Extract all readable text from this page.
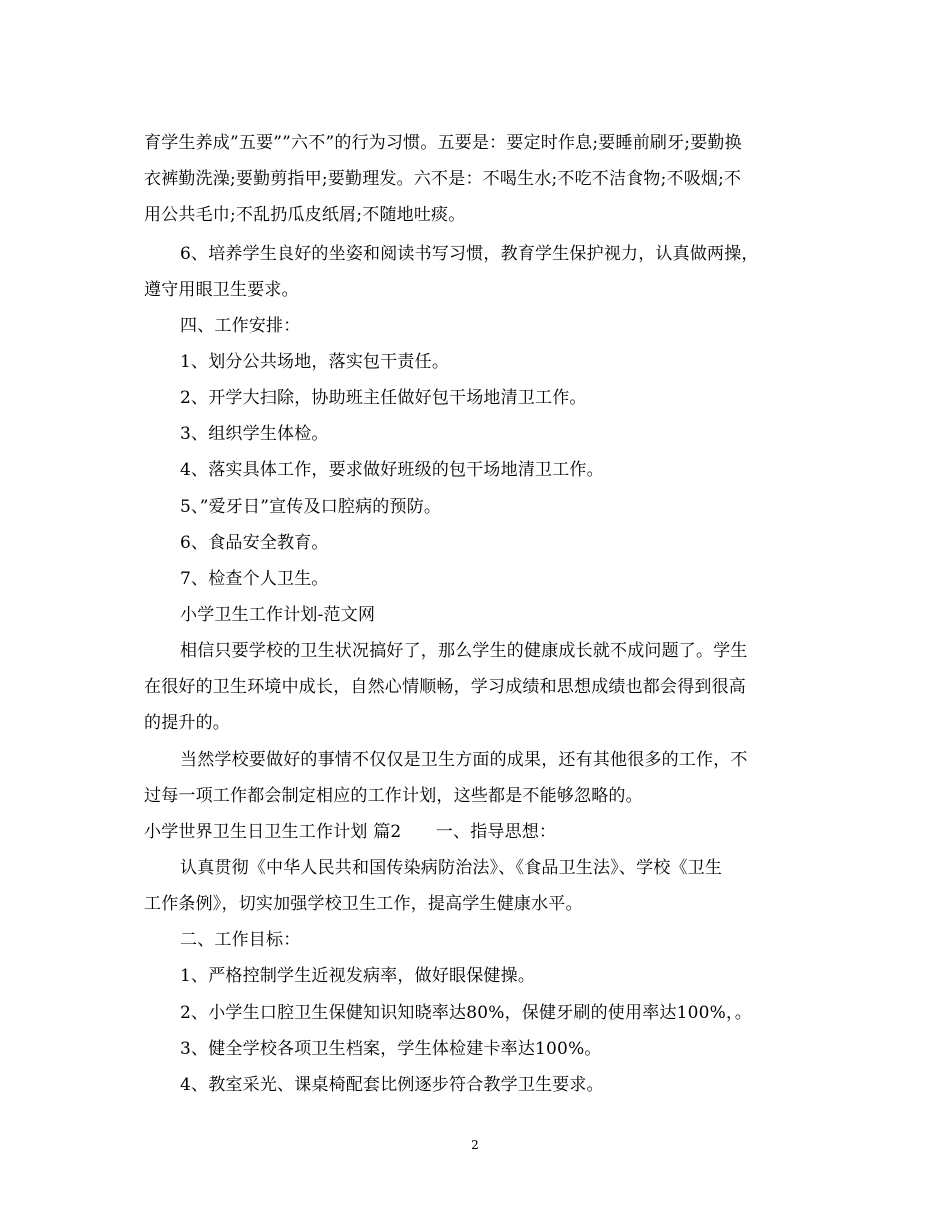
育学生养成”五要””六不”的行为习惯。五要是：要定时作息;要睡前刷牙;要勤换
衣裤勤洗澡;要勤剪指甲;要勤理发。六不是：不喝生水;不吃不洁食物;不吸烟;不
用公共毛巾;不乱扔瓜皮纸屑;不随地吐痰。
6、培养学生良好的坐姿和阅读书写习惯，教育学生保护视力，认真做两操，
遵守用眼卫生要求。
四、工作安排：
1、划分公共场地，落实包干责任。
2、开学大扫除，协助班主任做好包干场地清卫工作。
3、组织学生体检。
4、落实具体工作，要求做好班级的包干场地清卫工作。
5、”爱牙日”宣传及口腔病的预防。
6、食品安全教育。
7、检查个人卫生。
小学卫生工作计划-范文网
相信只要学校的卫生状况搞好了，那么学生的健康成长就不成问题了。学生
在很好的卫生环境中成长，自然心情顺畅，学习成绩和思想成绩也都会得到很高
的提升的。
当然学校要做好的事情不仅仅是卫生方面的成果，还有其他很多的工作，不
过每一项工作都会制定相应的工作计划，这些都是不能够忽略的。
小学世界卫生日卫生工作计划 篇2　　一、指导思想：
认真贯彻《中华人民共和国传染病防治法》、《食品卫生法》、学校《卫生
工作条例》，切实加强学校卫生工作，提高学生健康水平。
二、工作目标：
1、严格控制学生近视发病率，做好眼保健操。
2、小学生口腔卫生保健知识知晓率达80%，保健牙刷的使用率达100%，。
3、健全学校各项卫生档案，学生体检建卡率达100%。
4、教室采光、课桌椅配套比例逐步符合教学卫生要求。
2
